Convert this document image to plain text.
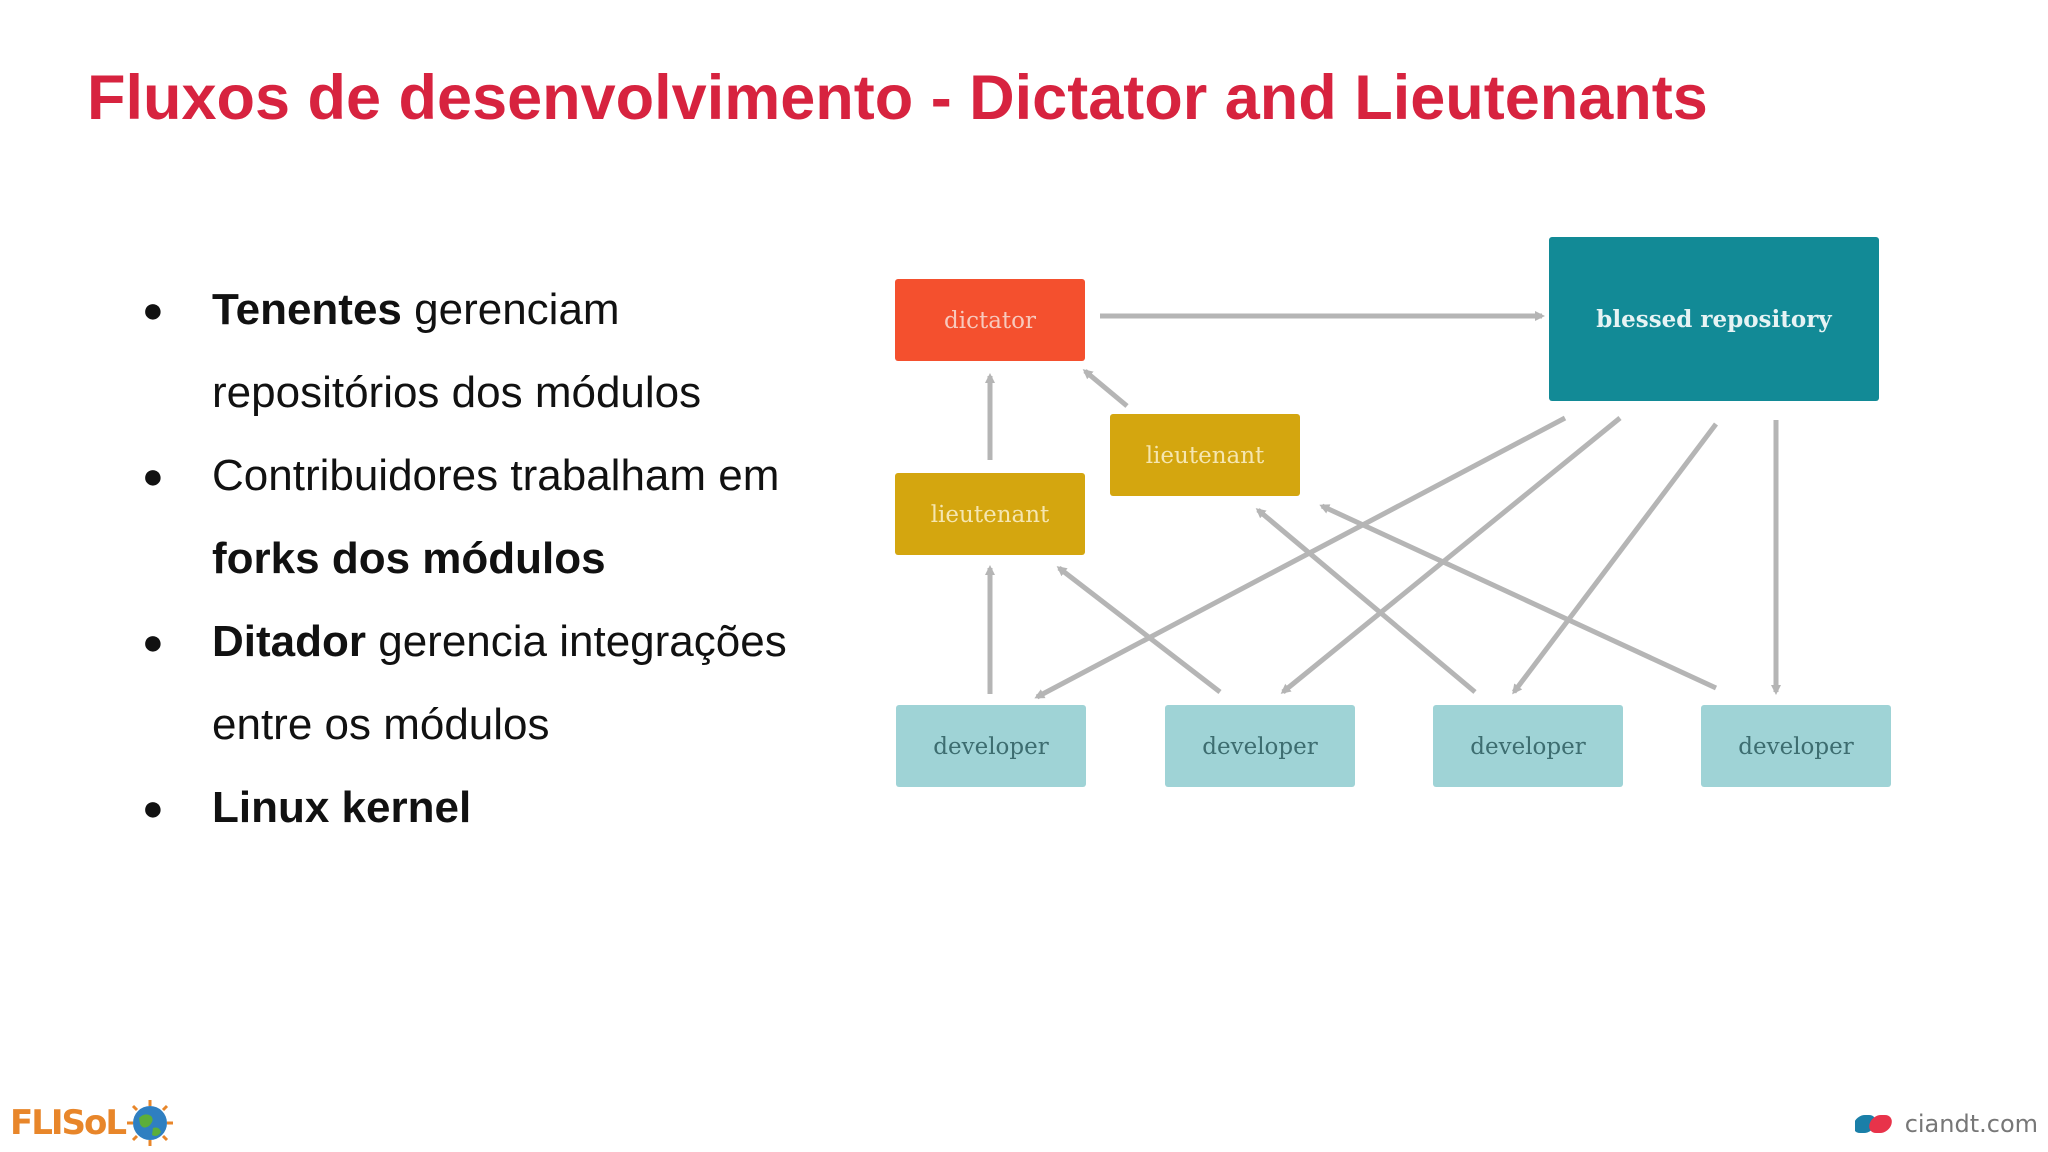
Fluxos de desenvolvimento - Dictator and Lieutenants
● Tenentes gerenciam
repositórios dos módulos
● Contribuidores trabalham em
forks dos módulos
● Ditador gerencia integrações
entre os módulos
● Linux kernel
dictator	blessed repository
lieutenant
lieutenant
developer	developer	developer	developer
FLISoL	ciandt.com
